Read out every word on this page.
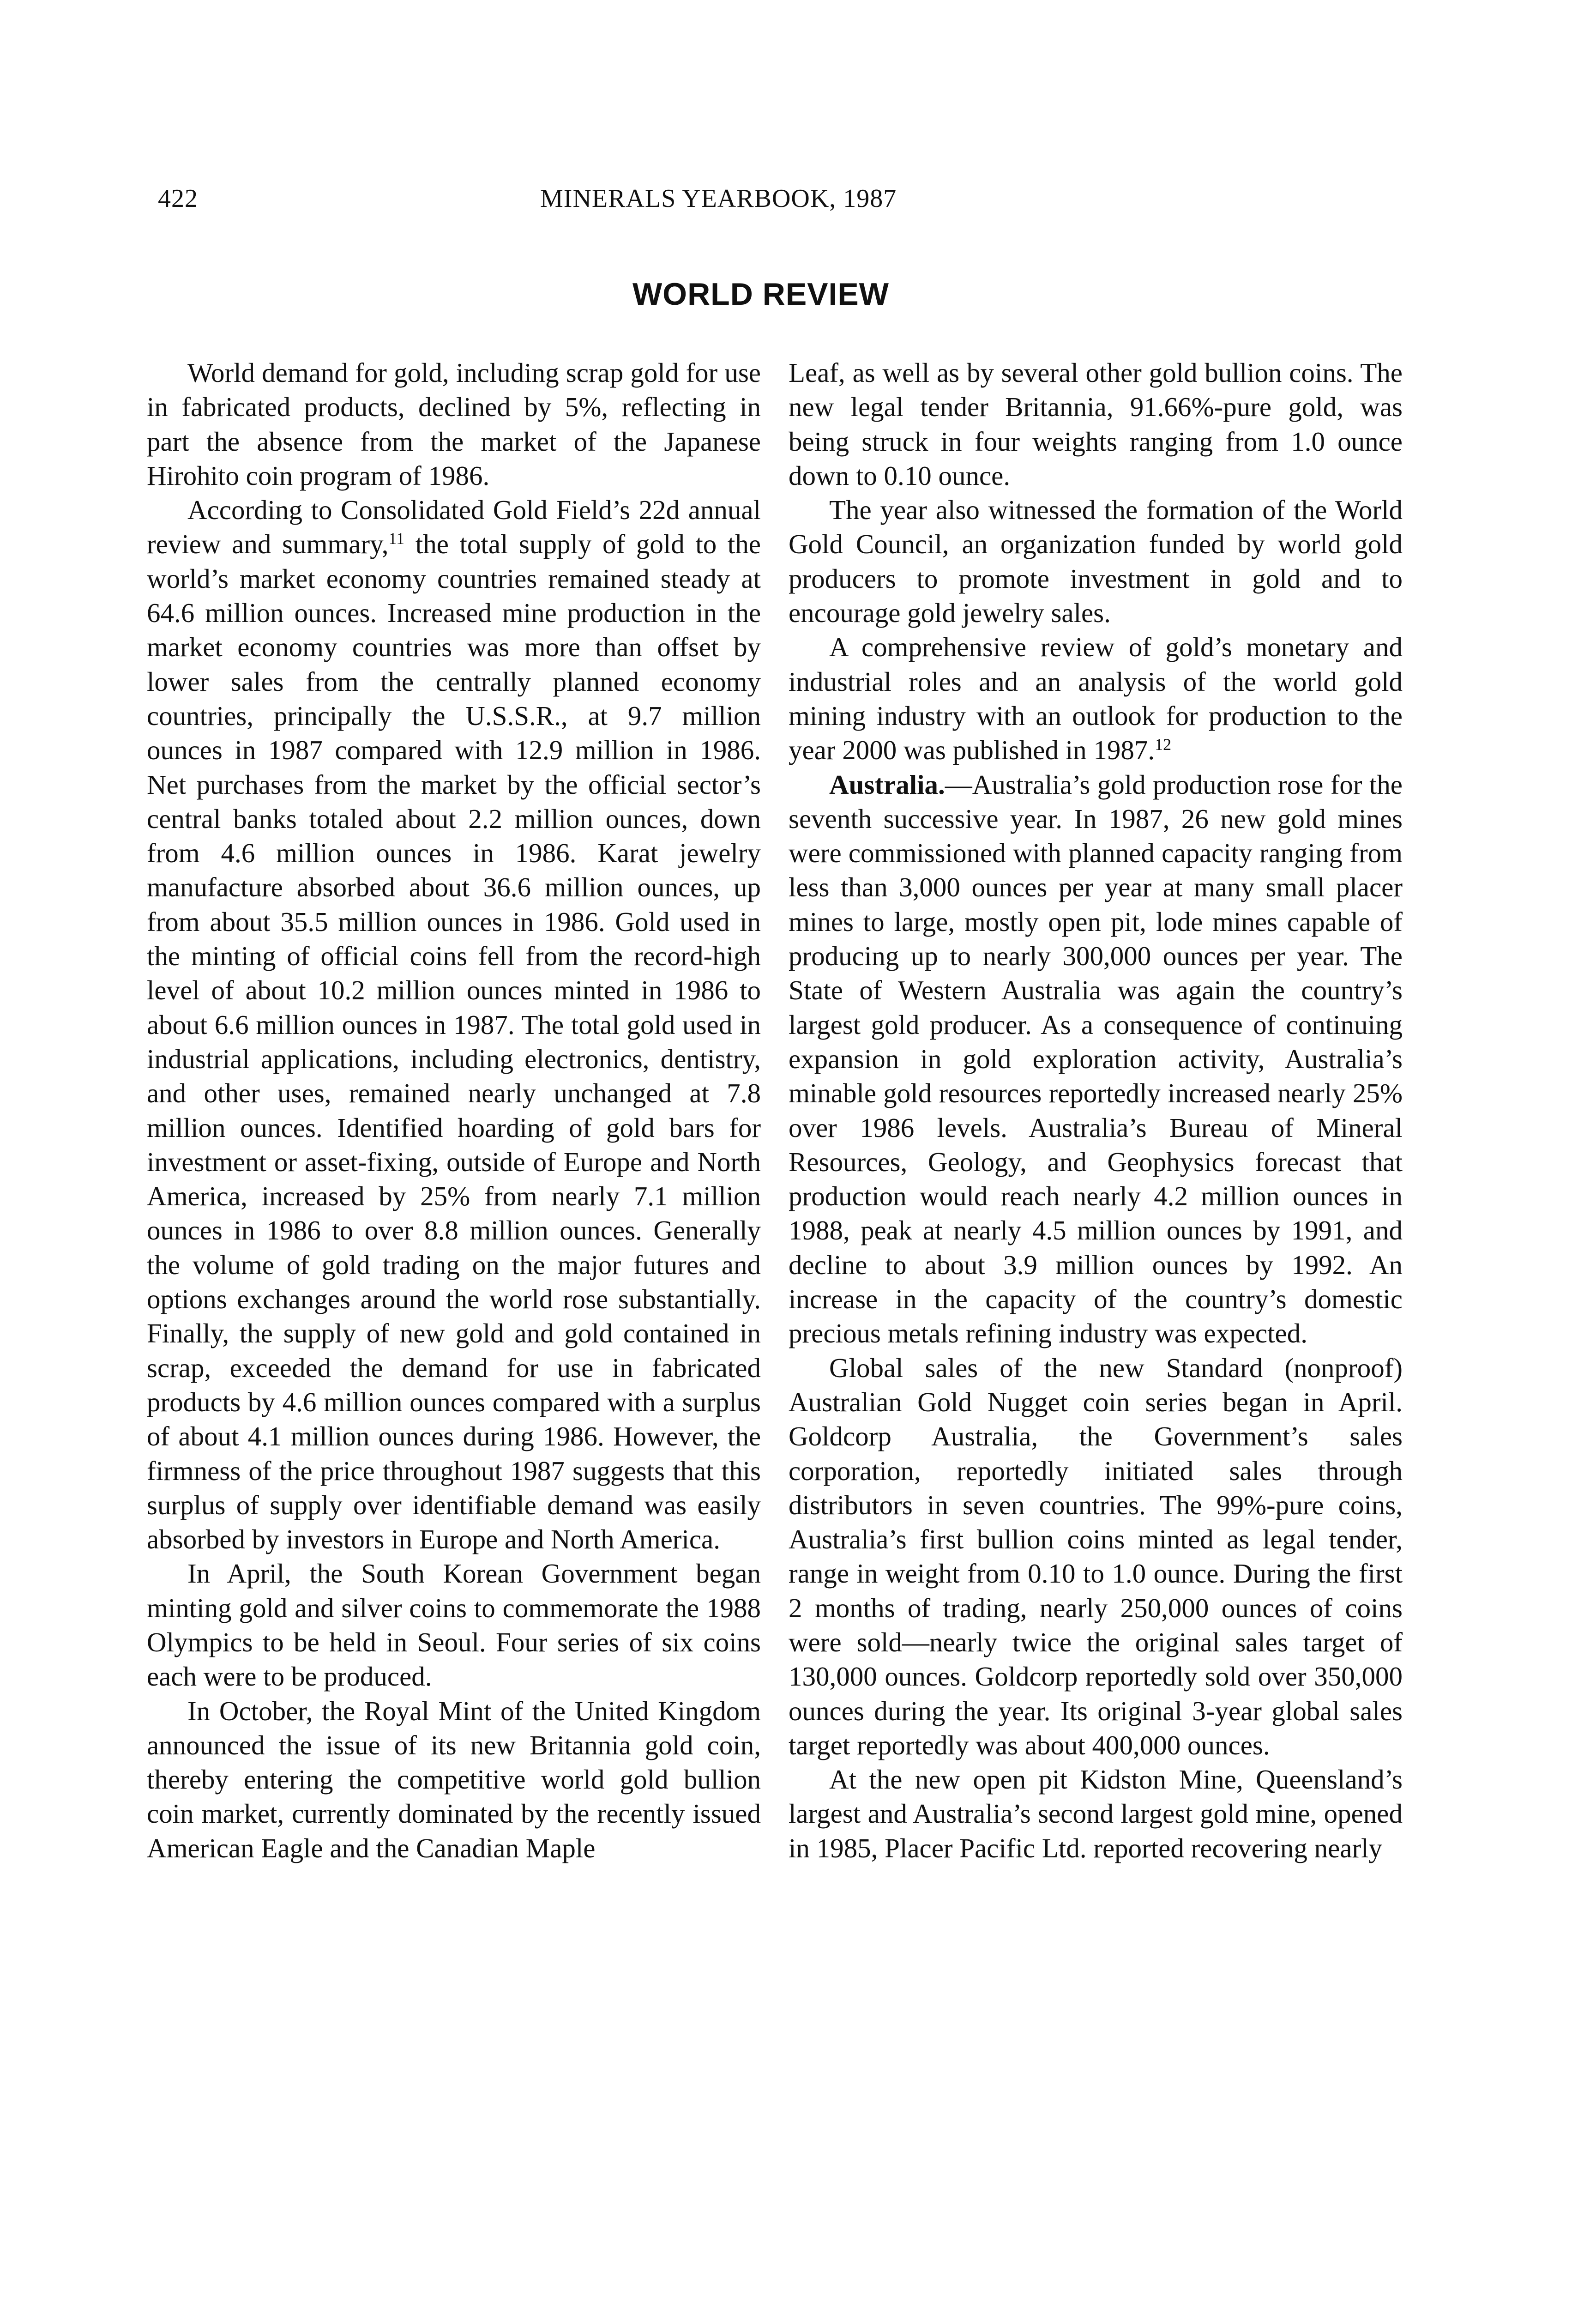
422	MINERALS YEARBOOK, 1987
WORLD REVIEW

World demand for gold, including scrap gold for use in fabricated products, declined by 5%, reflecting in part the absence from the market of the Japanese Hirohito coin program of 1986.

According to Consolidated Gold Field’s 22d annual review and summary,$^{11}$ the total supply of gold to the world’s market economy countries remained steady at 64.6 million ounces. Increased mine production in the market economy countries was more than offset by lower sales from the centrally planned economy countries, principally the U.S.S.R., at 9.7 million ounces in 1987 compared with 12.9 million in 1986. Net purchases from the market by the official sector’s central banks totaled about 2.2 million ounces, down from 4.6 million ounces in 1986. Karat jewelry manufacture absorbed about 36.6 million ounces, up from about 35.5 million ounces in 1986. Gold used in the minting of official coins fell from the record-high level of about 10.2 million ounces minted in 1986 to about 6.6 million ounces in 1987. The total gold used in industrial applications, including electronics, dentistry, and other uses, remained nearly unchanged at 7.8 million ounces. Identified hoarding of gold bars for investment or asset-fixing, outside of Europe and North America, increased by 25% from nearly 7.1 million ounces in 1986 to over 8.8 million ounces. Generally the volume of gold trading on the major futures and options exchanges around the world rose substantially. Finally, the supply of new gold and gold contained in scrap, exceeded the demand for use in fabricated products by 4.6 million ounces compared with a surplus of about 4.1 million ounces during 1986. However, the firmness of the price throughout 1987 suggests that this surplus of supply over identifiable demand was easily absorbed by investors in Europe and North America.

In April, the South Korean Government began minting gold and silver coins to commemorate the 1988 Olympics to be held in Seoul. Four series of six coins each were to be produced.

In October, the Royal Mint of the United Kingdom announced the issue of its new Britannia gold coin, thereby entering the competitive world gold bullion coin market, currently dominated by the recently issued American Eagle and the Canadian Maple

Leaf, as well as by several other gold bullion coins. The new legal tender Britannia, 91.66%-pure gold, was being struck in four weights ranging from 1.0 ounce down to 0.10 ounce.

The year also witnessed the formation of the World Gold Council, an organization funded by world gold producers to promote investment in gold and to encourage gold jewelry sales.

A comprehensive review of gold’s monetary and industrial roles and an analysis of the world gold mining industry with an outlook for production to the year 2000 was published in 1987.12

Australia.—Australia’s gold production rose for the seventh successive year. In 1987, 26 new gold mines were commissioned with planned capacity ranging from less than 3,000 ounces per year at many small placer mines to large, mostly open pit, lode mines capable of producing up to nearly 300,000 ounces per year. The State of Western Australia was again the country’s largest gold producer. As a consequence of continuing expansion in gold exploration activity, Australia’s minable gold resources reportedly increased nearly 25% over 1986 levels. Australia’s Bureau of Mineral Resources, Geology, and Geophysics forecast that production would reach nearly 4.2 million ounces in 1988, peak at nearly 4.5 million ounces by 1991, and decline to about 3.9 million ounces by 1992. An increase in the capacity of the country’s domestic precious metals refining industry was expected.

Global sales of the new Standard (nonproof) Australian Gold Nugget coin series began in April. Goldcorp Australia, the Government’s sales corporation, reportedly initiated sales through distributors in seven countries. The 99%-pure coins, Australia’s first bullion coins minted as legal tender, range in weight from 0.10 to 1.0 ounce. During the first 2 months of trading, nearly 250,000 ounces of coins were sold—nearly twice the original sales target of 130,000 ounces. Goldcorp reportedly sold over 350,000 ounces during the year. Its original 3-year global sales target reportedly was about 400,000 ounces.

At the new open pit Kidston Mine, Queensland’s largest and Australia’s second largest gold mine, opened in 1985, Placer Pacific Ltd. reported recovering nearly
